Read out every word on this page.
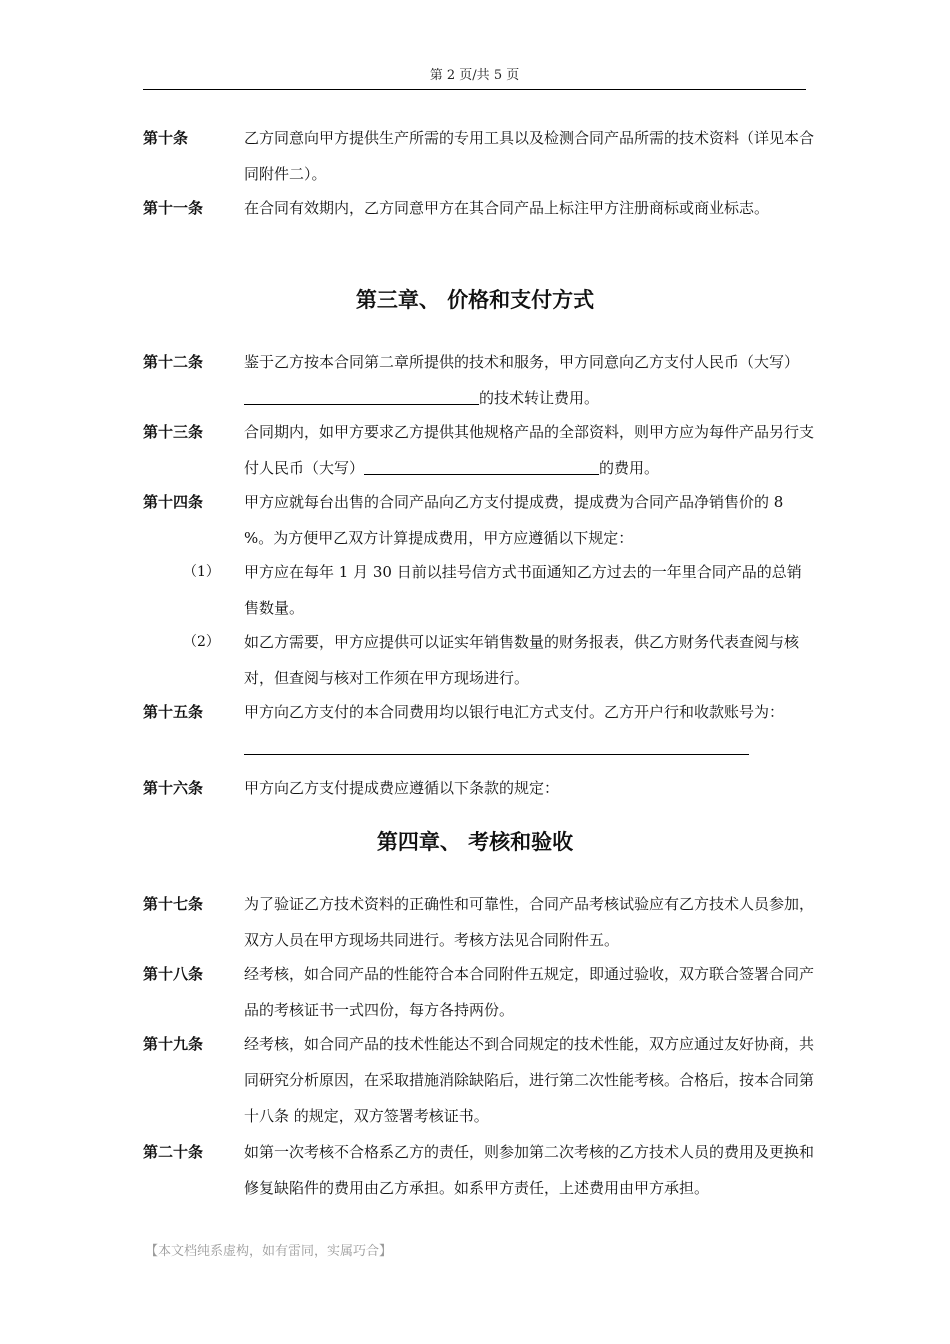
第 2 页/共 5 页
第十条	乙方同意向甲方提供生产所需的专用工具以及检测合同产品所需的技术资料（详见本合同附件二）。
第十一条	在合同有效期内，乙方同意甲方在其合同产品上标注甲方注册商标或商业标志。
第三章、 价格和支付方式
第十二条	鉴于乙方按本合同第二章所提供的技术和服务，甲方同意向乙方支付人民币（大写）的技术转让费用。
第十三条	合同期内，如甲方要求乙方提供其他规格产品的全部资料，则甲方应为每件产品另行支付人民币（大写）	的费用。
第十四条	甲方应就每台出售的合同产品向乙方支付提成费，提成费为合同产品净销售价的 8 %。为方便甲乙双方计算提成费用，甲方应遵循以下规定：
（1） 甲方应在每年 1 月 30 日前以挂号信方式书面通知乙方过去的一年里合同产品的总销售数量。
（2） 如乙方需要，甲方应提供可以证实年销售数量的财务报表，供乙方财务代表查阅与核对，但查阅与核对工作须在甲方现场进行。
第十五条	甲方向乙方支付的本合同费用均以银行电汇方式支付。乙方开户行和收款账号为：
第十六条	甲方向乙方支付提成费应遵循以下条款的规定：
第四章、 考核和验收
第十七条	为了验证乙方技术资料的正确性和可靠性，合同产品考核试验应有乙方技术人员参加，双方人员在甲方现场共同进行。考核方法见合同附件五。
第十八条	经考核，如合同产品的性能符合本合同附件五规定，即通过验收，双方联合签署合同产品的考核证书一式四份，每方各持两份。
第十九条	经考核，如合同产品的技术性能达不到合同规定的技术性能，双方应通过友好协商，共同研究分析原因，在采取措施消除缺陷后，进行第二次性能考核。合格后，按本合同第十八条 的规定，双方签署考核证书。
第二十条	如第一次考核不合格系乙方的责任，则参加第二次考核的乙方技术人员的费用及更换和修复缺陷件的费用由乙方承担。如系甲方责任，上述费用由甲方承担。
【本文档纯系虚构，如有雷同，实属巧合】
